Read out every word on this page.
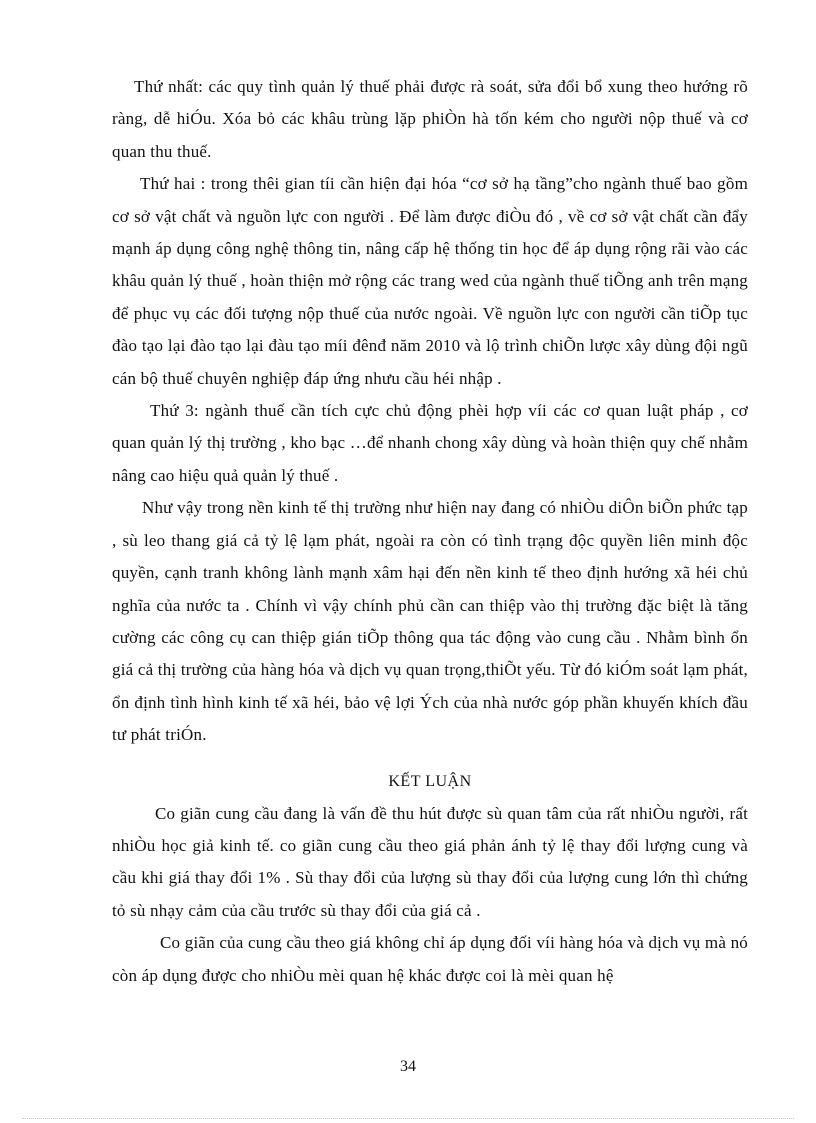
Thứ nhất: các quy tình quản lý thuế phải được rà soát, sửa đổi bổ xung theo hướng rõ ràng, dễ hiÓu. Xóa bỏ các khâu trùng lặp phiÒn hà tốn kém cho người nộp thuế và cơ quan thu thuế.

Thứ hai : trong thêi gian tíi cần hiện đại hóa “cơ sở hạ tầng”cho ngành thuế bao gồm cơ sở vật chất và nguồn lực con người . Để làm được điÒu đó , về cơ sở vật chất cần đẩy mạnh áp dụng công nghệ thông tin, nâng cấp hệ thống tin học để áp dụng rộng rãi vào các khâu quản lý thuế , hoàn thiện mở rộng các trang wed của ngành thuế tiÕng anh trên mạng để phục vụ các đối tượng nộp thuế của nước ngoài. Về nguồn lực con người cần tiÕp tục đào tạo lại đào tạo lại đàu tạo míi đênđ năm 2010 và lộ trình chiÕn lược xây dùng đội ngũ cán bộ thuế chuyên nghiệp đáp ứng nhưu cầu héi nhập .

Thứ 3: ngành thuế cần tích cực chủ động phèi hợp víi các cơ quan luật pháp , cơ quan quản lý thị trường , kho bạc …để nhanh chong xây dùng và hoàn thiện quy chế nhằm nâng cao hiệu quả quản lý thuế .

Như vậy trong nền kinh tế thị trường như hiện nay đang có nhiÒu diÔn biÕn phức tạp , sù leo thang giá cả tỷ lệ lạm phát, ngoài ra còn có tình trạng độc quyền liên minh độc quyền, cạnh tranh không lành mạnh xâm hại đến nền kinh tế theo định hướng xã héi chủ nghĩa của nước ta . Chính vì vậy chính phủ cần can thiệp vào thị trường đặc biệt là tăng cường các công cụ can thiệp gián tiÕp thông qua tác động vào cung cầu . Nhằm bình ổn giá cả thị trường của hàng hóa và dịch vụ quan trọng,thiÕt yếu. Từ đó kiÓm soát lạm phát, ổn định tình hình kinh tế xã héi, bảo vệ lợi Ých của nhà nước góp phần khuyến khích đầu tư phát triÓn.

KẾT LUẬN

Co giãn cung cầu đang là vấn đề thu hút được sù quan tâm của rất nhiÒu người, rất nhiÒu học giả kinh tế. co giãn cung cầu theo giá phản ánh tỷ lệ thay đổi lượng cung và cầu khi giá thay đổi 1% . Sù thay đổi của lượng sù thay đổi của lượng cung lớn thì chứng tỏ sù nhạy cảm của cầu trước sù thay đổi của giá cả .

Co giãn của cung cầu theo giá không chỉ áp dụng đối víi hàng hóa và dịch vụ mà nó còn áp dụng được cho nhiÒu mèi quan hệ khác được coi là mèi quan hệ

34
